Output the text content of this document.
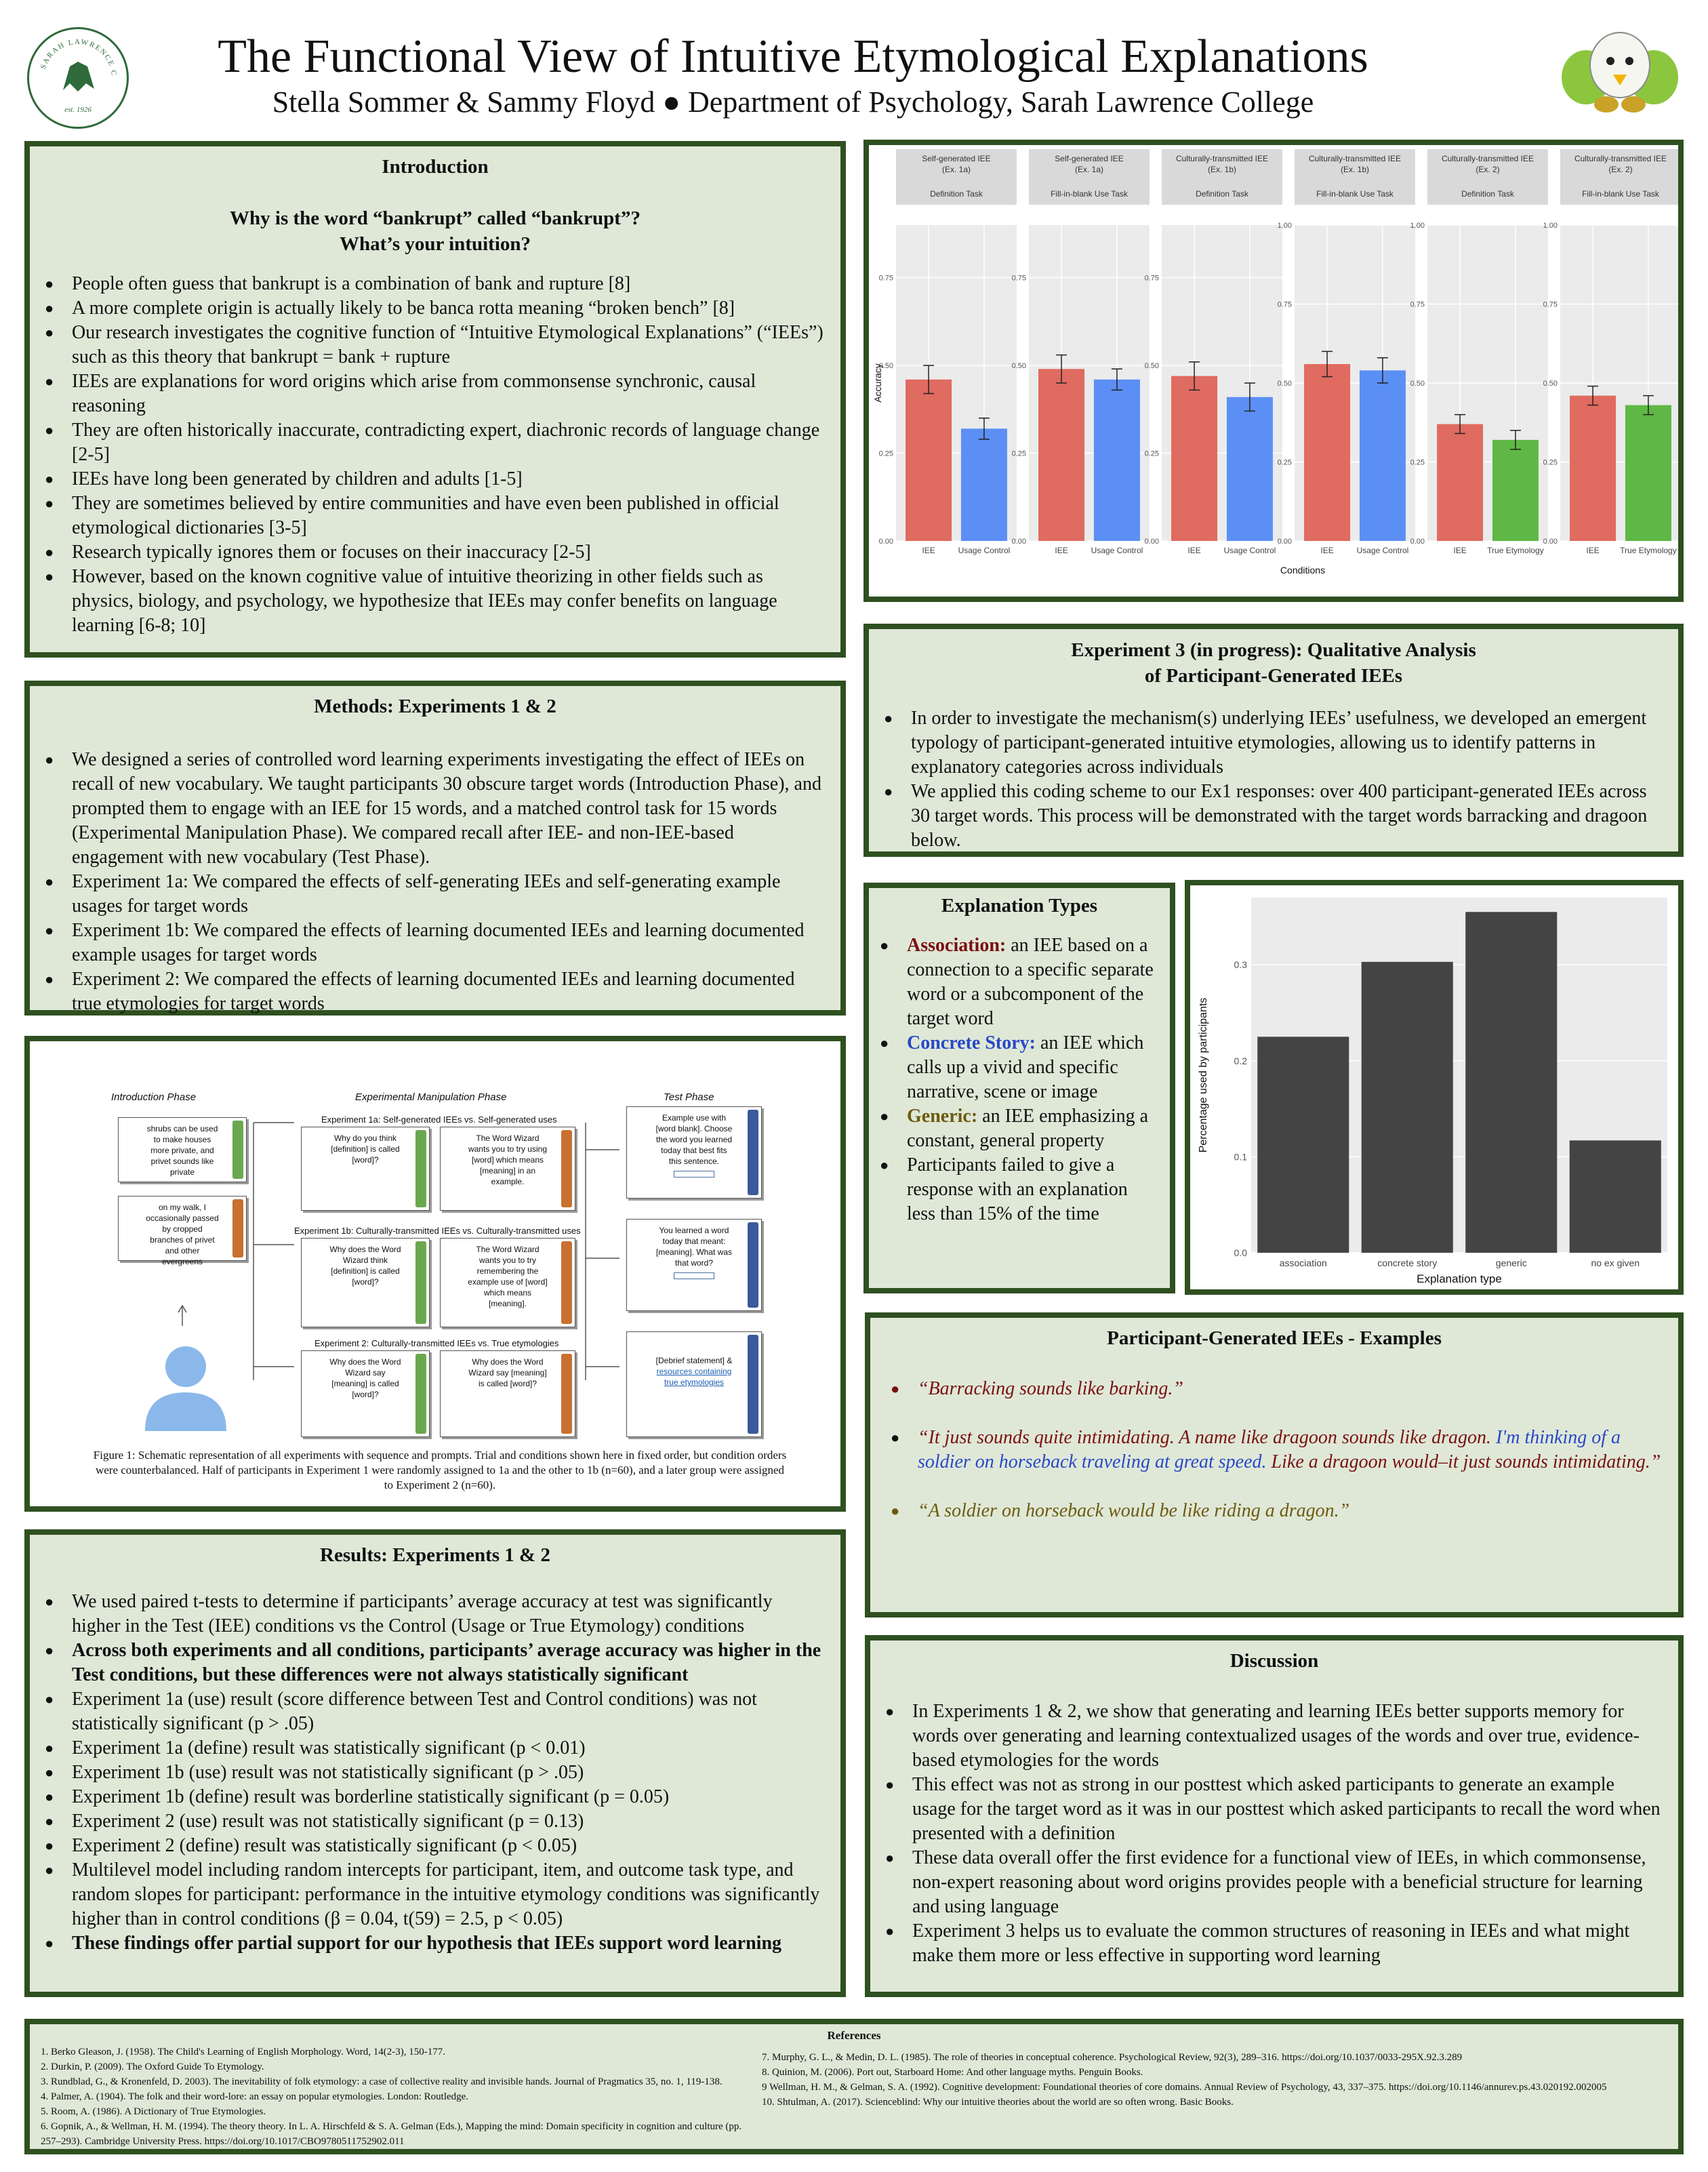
SARAH LAWRENCE C
est. 1926
The Functional View of Intuitive Etymological Explanations
Stella Sommer & Sammy Floyd ● Department of Psychology, Sarah Lawrence College
Introduction
Why is the word “bankrupt” called “bankrupt”?
What’s your intuition?
● People often guess that bankrupt is a combination of bank and rupture [8]
● A more complete origin is actually likely to be banca rotta meaning “broken bench” [8]
● Our research investigates the cognitive function of “Intuitive Etymological Explanations” (“IEEs”) such as this theory that bankrupt = bank + rupture
● IEEs are explanations for word origins which arise from commonsense synchronic, causal reasoning
● They are often historically inaccurate, contradicting expert, diachronic records of language change [2-5]
● IEEs have long been generated by children and adults [1-5]
● They are sometimes believed by entire communities and have even been published in official etymological dictionaries [3-5]
● Research typically ignores them or focuses on their inaccuracy [2-5]
● However, based on the known cognitive value of intuitive theorizing in other fields such as physics, biology, and psychology, we hypothesize that IEEs may confer benefits on language learning [6-8; 10]
Methods: Experiments 1 & 2
● We designed a series of controlled word learning experiments investigating the effect of IEEs on recall of new vocabulary. We taught participants 30 obscure target words (Introduction Phase), and prompted them to engage with an IEE for 15 words, and a matched control task for 15 words (Experimental Manipulation Phase). We compared recall after IEE- and non-IEE-based engagement with new vocabulary (Test Phase).
● Experiment 1a: We compared the effects of self-generating IEEs and self-generating example usages for target words
● Experiment 1b: We compared the effects of learning documented IEEs and learning documented example usages for target words
● Experiment 2: We compared the effects of learning documented IEEs and learning documented true etymologies for target words
Introduction Phase	Experimental Manipulation Phase	Test Phase
Experiment 1a: Self-generated IEEs vs. Self-generated uses
Experiment 1b: Culturally-transmitted IEEs vs. Culturally-transmitted uses
Experiment 2: Culturally-transmitted IEEs vs. True etymologies
shrubs can be used to make houses more private, and privet sounds like private
on my walk, I occasionally passed by cropped branches of privet and other evergreens
Why do you think [definition] is called [word]?
The Word Wizard wants you to try using [word] which means [meaning] in an example.
Why does the Word Wizard think [definition] is called [word]?
The Word Wizard wants you to try remembering the example use of [word] which means [meaning].
Why does the Word Wizard say [meaning] is called [word]?
Why does the Word Wizard say [meaning] is called [word]?
Example use with [word blank]. Choose the word you learned today that best fits this sentence.
You learned a word today that meant: [meaning]. What was that word?
[Debrief statement] &
resources containing true etymologies
Figure 1: Schematic representation of all experiments with sequence and prompts. Trial and conditions shown here in fixed order, but condition orders were counterbalanced. Half of participants in Experiment 1 were randomly assigned to 1a and the other to 1b (n=60), and a later group were assigned to Experiment 2 (n=60).
Results: Experiments 1 & 2
● We used paired t-tests to determine if participants’ average accuracy at test was significantly higher in the Test (IEE) conditions vs the Control (Usage or True Etymology) conditions
● Across both experiments and all conditions, participants’ average accuracy was higher in the Test conditions, but these differences were not always statistically significant
● Experiment 1a (use) result (score difference between Test and Control conditions) was not statistically significant (p > .05)
● Experiment 1a (define) result was statistically significant (p < 0.01)
● Experiment 1b (use) result was not statistically significant (p > .05)
● Experiment 1b (define) result was borderline statistically significant (p = 0.05)
● Experiment 2 (use) result was not statistically significant (p = 0.13)
● Experiment 2 (define) result was statistically significant (p < 0.05)
● Multilevel model including random intercepts for participant, item, and outcome task type, and random slopes for participant: performance in the intuitive etymology conditions was significantly higher than in control conditions (β = 0.04, t(59) = 2.5, p < 0.05)
● These findings offer partial support for our hypothesis that IEEs support word learning
Self-generated IEE
(Ex. 1a)
Definition Task
0.00
0.25
0.50
0.75
IEE	Usage Control
Self-generated IEE
(Ex. 1a)
Fill-in-blank Use Task
0.00
0.25
0.50
0.75
IEE	Usage Control
Culturally-transmitted IEE
(Ex. 1b)
Definition Task
0.00
0.25
0.50
0.75
IEE	Usage Control
Culturally-transmitted IEE
(Ex. 1b)
Fill-in-blank Use Task
0.00
0.25
0.50
0.75
1.00
IEE	Usage Control
Culturally-transmitted IEE
(Ex. 2)
Definition Task
0.00
0.25
0.50
0.75
1.00
IEE	True Etymology
Culturally-transmitted IEE
(Ex. 2)
Fill-in-blank Use Task
0.00
0.25
0.50
0.75
1.00
IEE	True Etymology
Accuracy
Conditions
Experiment 3 (in progress): Qualitative Analysis
of Participant-Generated IEEs
● In order to investigate the mechanism(s) underlying IEEs’ usefulness, we developed an emergent typology of participant-generated intuitive etymologies, allowing us to identify patterns in explanatory categories across individuals
● We applied this coding scheme to our Ex1 responses: over 400 participant-generated IEEs across 30 target words. This process will be demonstrated with the target words barracking and dragoon below.
Explanation Types
● Association: an IEE based on a connection to a specific separate word or a subcomponent of the target word
● Concrete Story: an IEE which calls up a vivid and specific narrative, scene or image
● Generic: an IEE emphasizing a constant, general property
● Participants failed to give a response with an explanation less than 15% of the time
0.0
0.1
0.2
0.3
association	concrete story	generic	no ex given
Percentage used by participants
Explanation type
Participant-Generated IEEs - Examples
● “Barracking sounds like barking.”
● “It just sounds quite intimidating. A name like dragoon sounds like dragon. I'm thinking of a soldier on horseback traveling at great speed. Like a dragoon would–it just sounds intimidating.”
● “A soldier on horseback would be like riding a dragon.”
Discussion
● In Experiments 1 & 2, we show that generating and learning IEEs better supports memory for words over generating and learning contextualized usages of the words and over true, evidence-based etymologies for the words
● This effect was not as strong in our posttest which asked participants to generate an example usage for the target word as it was in our posttest which asked participants to recall the word when presented with a definition
● These data overall offer the first evidence for a functional view of IEEs, in which commonsense, non-expert reasoning about word origins provides people with a beneficial structure for learning and using language
● Experiment 3 helps us to evaluate the common structures of reasoning in IEEs and what might make them more or less effective in supporting word learning
References
1. Berko Gleason, J. (1958). The Child's Learning of English Morphology. Word, 14(2-3), 150-177.
2. Durkin, P. (2009). The Oxford Guide To Etymology.
3. Rundblad, G., & Kronenfeld, D. 2003). The inevitability of folk etymology: a case of collective reality and invisible hands. Journal of Pragmatics 35, no. 1, 119-138.
4. Palmer, A. (1904). The folk and their word-lore: an essay on popular etymologies. London: Routledge.
5. Room, A. (1986). A Dictionary of True Etymologies.
6. Gopnik, A., & Wellman, H. M. (1994). The theory theory. In L. A. Hirschfeld & S. A. Gelman (Eds.), Mapping the mind: Domain specificity in cognition and culture (pp. 257–293). Cambridge University Press. https://doi.org/10.1017/CBO9780511752902.011
7. Murphy, G. L., & Medin, D. L. (1985). The role of theories in conceptual coherence. Psychological Review, 92(3), 289–316. https://doi.org/10.1037/0033-295X.92.3.289
8. Quinion, M. (2006). Port out, Starboard Home: And other language myths. Penguin Books.
9 Wellman, H. M., & Gelman, S. A. (1992). Cognitive development: Foundational theories of core domains. Annual Review of Psychology, 43, 337–375. https://doi.org/10.1146/annurev.ps.43.020192.002005
10. Shtulman, A. (2017). Scienceblind: Why our intuitive theories about the world are so often wrong. Basic Books.
